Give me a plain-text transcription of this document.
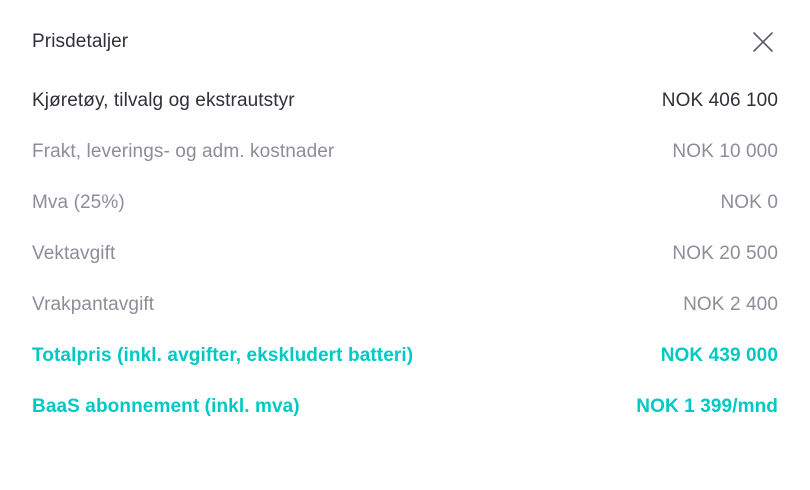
Prisdetaljer
Kjøretøy, tilvalg og ekstrautstyr	NOK 406 100
Frakt, leverings- og adm. kostnader	NOK 10 000
Mva (25%)	NOK 0
Vektavgift	NOK 20 500
Vrakpantavgift	NOK 2 400
Totalpris (inkl. avgifter, ekskludert batteri)	NOK 439 000
BaaS abonnement (inkl. mva)	NOK 1 399/mnd
